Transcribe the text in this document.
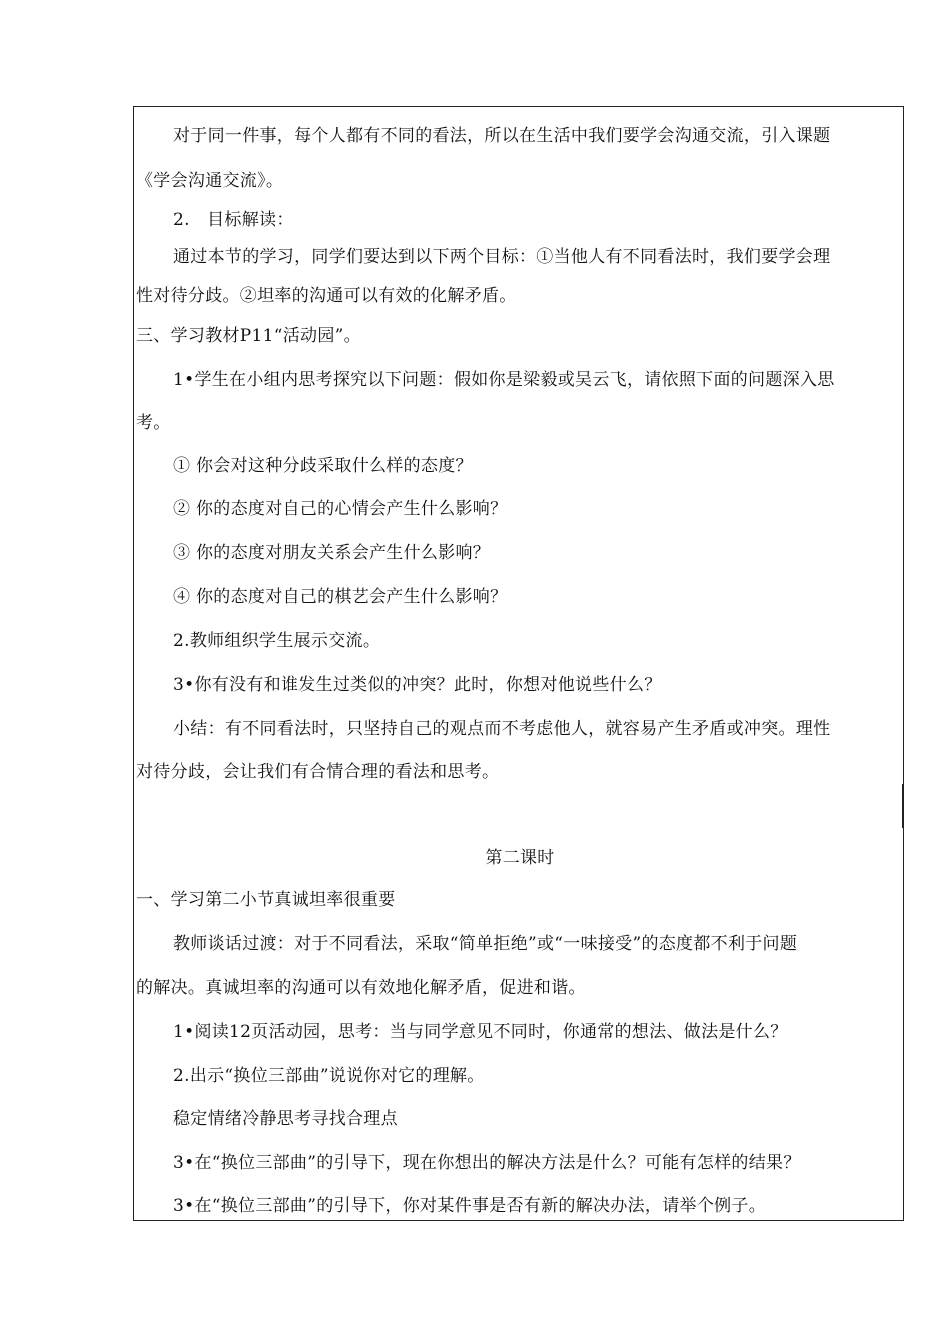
对于同一件事，每个人都有不同的看法，所以在生活中我们要学会沟通交流，引入课题
《学会沟通交流》。
2.　目标解读：
通过本节的学习，同学们要达到以下两个目标：①当他人有不同看法时，我们要学会理
性对待分歧。②坦率的沟通可以有效的化解矛盾。
三、学习教材P11“活动园”。
1•学生在小组内思考探究以下问题：假如你是梁毅或吴云飞，请依照下面的问题深入思
考。
① 你会对这种分歧采取什么样的态度？
② 你的态度对自己的心情会产生什么影响？
③ 你的态度对朋友关系会产生什么影响？
④ 你的态度对自己的棋艺会产生什么影响？
2.教师组织学生展示交流。
3•你有没有和谁发生过类似的冲突？此时，你想对他说些什么？
小结：有不同看法时，只坚持自己的观点而不考虑他人，就容易产生矛盾或冲突。理性
对待分歧，会让我们有合情合理的看法和思考。
第二课时
一、学习第二小节真诚坦率很重要
教师谈话过渡：对于不同看法，采取“简单拒绝”或“一味接受”的态度都不利于问题
的解决。真诚坦率的沟通可以有效地化解矛盾，促进和谐。
1•阅读12页活动园，思考：当与同学意见不同时，你通常的想法、做法是什么？
2.出示“换位三部曲”说说你对它的理解。
稳定情绪冷静思考寻找合理点
3•在“换位三部曲”的引导下，现在你想出的解决方法是什么？可能有怎样的结果？
3•在“换位三部曲”的引导下，你对某件事是否有新的解决办法，请举个例子。
